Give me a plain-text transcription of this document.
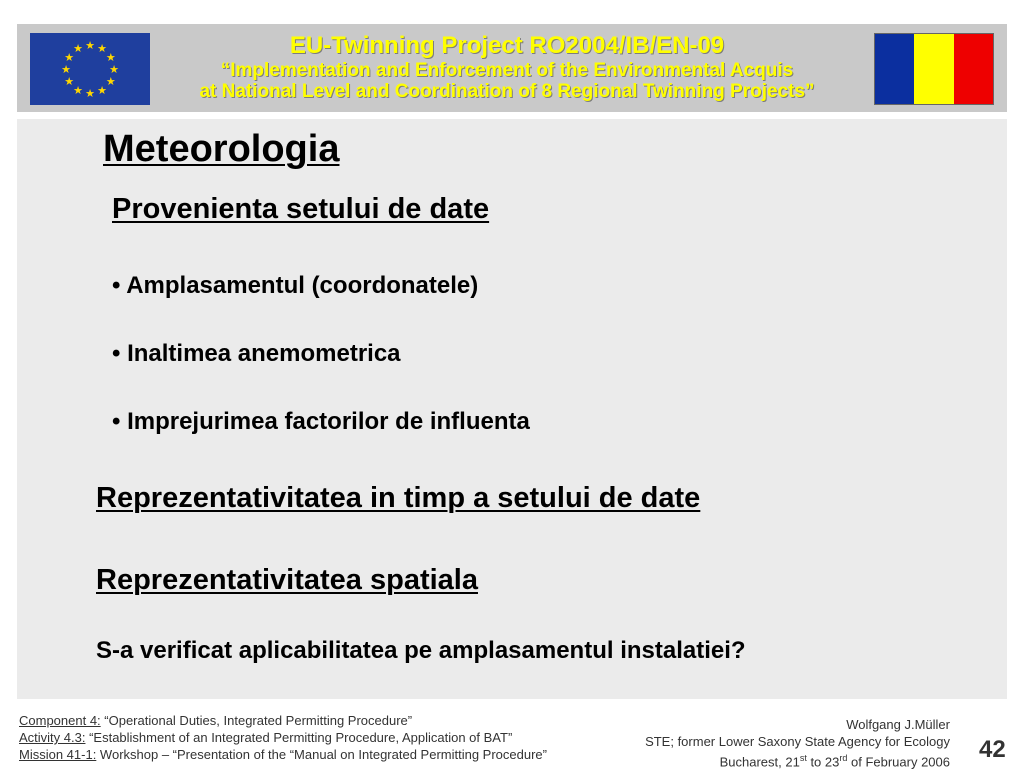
★ ★
★
★
★
★
★
★
★
★
★
★	EU-Twinning Project RO2004/IB/EN-09
“Implementation and Enforcement of the Environmental Acquis
at National Level and Coordination of 8 Regional Twinning Projects”
Meteorologia
Provenienta setului de date
• Amplasamentul (coordonatele)
• Inaltimea anemometrica
• Imprejurimea factorilor de influenta
Reprezentativitatea in timp a setului de date
Reprezentativitatea spatiala
S-a verificat aplicabilitatea pe amplasamentul instalatiei?
Component 4: “Operational Duties, Integrated Permitting Procedure”
Activity 4.3: “Establishment of an Integrated Permitting Procedure, Application of BAT”
Mission 41-1: Workshop – “Presentation of the “Manual on Integrated Permitting Procedure”
Wolfgang J.Müller
STE; former Lower Saxony State Agency for Ecology
Bucharest, 21st to 23rd of February 2006 42
